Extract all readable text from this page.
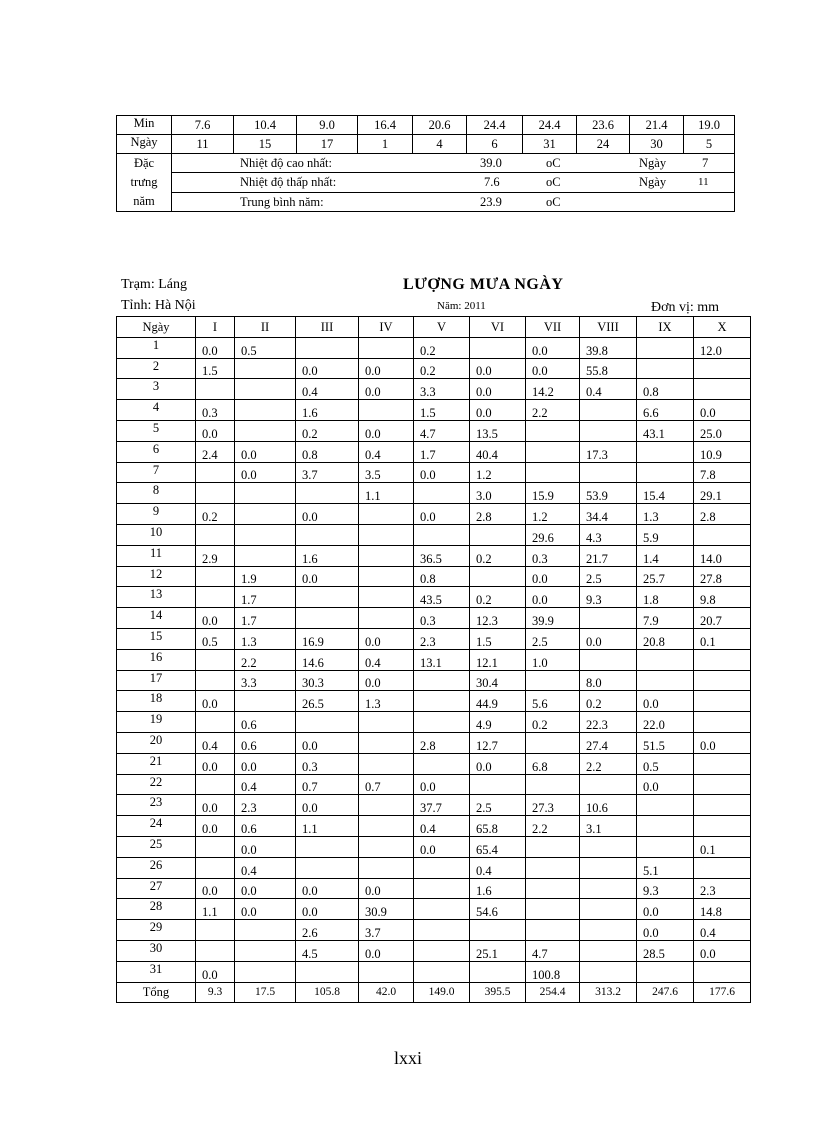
Min	7.6	10.4	9.0	16.4	20.6	24.4	24.4	23.6	21.4	19.0
Ngày	11	15	17	1	4	6	31	24	30	5
Đặc
trưng
năm	Nhiệt độ cao nhất: 39.0 oC Ngày 7									

	Nhiệt độ thấp nhất: 7.6 oC Ngày 11									

	Trung bình năm: 23.9 oC									
Trạm: Láng
Tỉnh: Hà Nội
LƯỢNG MƯA NGÀY
Năm: 2011	Đơn vị: mm
Ngày	I	II	III	IV	V	VI	VII	VIII	IX	X
1	0.0	0.5			0.2		0.0	39.8		12.0
2	1.5		0.0	0.0	0.2	0.0	0.0	55.8		
3			0.4	0.0	3.3	0.0	14.2	0.4	0.8	
4	0.3		1.6		1.5	0.0	2.2		6.6	0.0
5	0.0		0.2	0.0	4.7	13.5			43.1	25.0
6	2.4	0.0	0.8	0.4	1.7	40.4		17.3		10.9
7		0.0	3.7	3.5	0.0	1.2				7.8
8				1.1		3.0	15.9	53.9	15.4	29.1
9	0.2		0.0		0.0	2.8	1.2	34.4	1.3	2.8
10							29.6	4.3	5.9	
11	2.9		1.6		36.5	0.2	0.3	21.7	1.4	14.0
12		1.9	0.0		0.8		0.0	2.5	25.7	27.8
13		1.7			43.5	0.2	0.0	9.3	1.8	9.8
14	0.0	1.7			0.3	12.3	39.9		7.9	20.7
15	0.5	1.3	16.9	0.0	2.3	1.5	2.5	0.0	20.8	0.1
16		2.2	14.6	0.4	13.1	12.1	1.0			
17		3.3	30.3	0.0		30.4		8.0		
18	0.0		26.5	1.3		44.9	5.6	0.2	0.0	
19		0.6				4.9	0.2	22.3	22.0	
20	0.4	0.6	0.0		2.8	12.7		27.4	51.5	0.0
21	0.0	0.0	0.3			0.0	6.8	2.2	0.5	
22		0.4	0.7	0.7	0.0				0.0	
23	0.0	2.3	0.0		37.7	2.5	27.3	10.6		
24	0.0	0.6	1.1		0.4	65.8	2.2	3.1		
25		0.0			0.0	65.4				0.1
26		0.4				0.4			5.1	
27	0.0	0.0	0.0	0.0		1.6			9.3	2.3
28	1.1	0.0	0.0	30.9		54.6			0.0	14.8
29			2.6	3.7					0.0	0.4
30			4.5	0.0		25.1	4.7		28.5	0.0
31	0.0						100.8			
Tổng	9.3	17.5	105.8	42.0	149.0	395.5	254.4	313.2	247.6	177.6
lxxi
